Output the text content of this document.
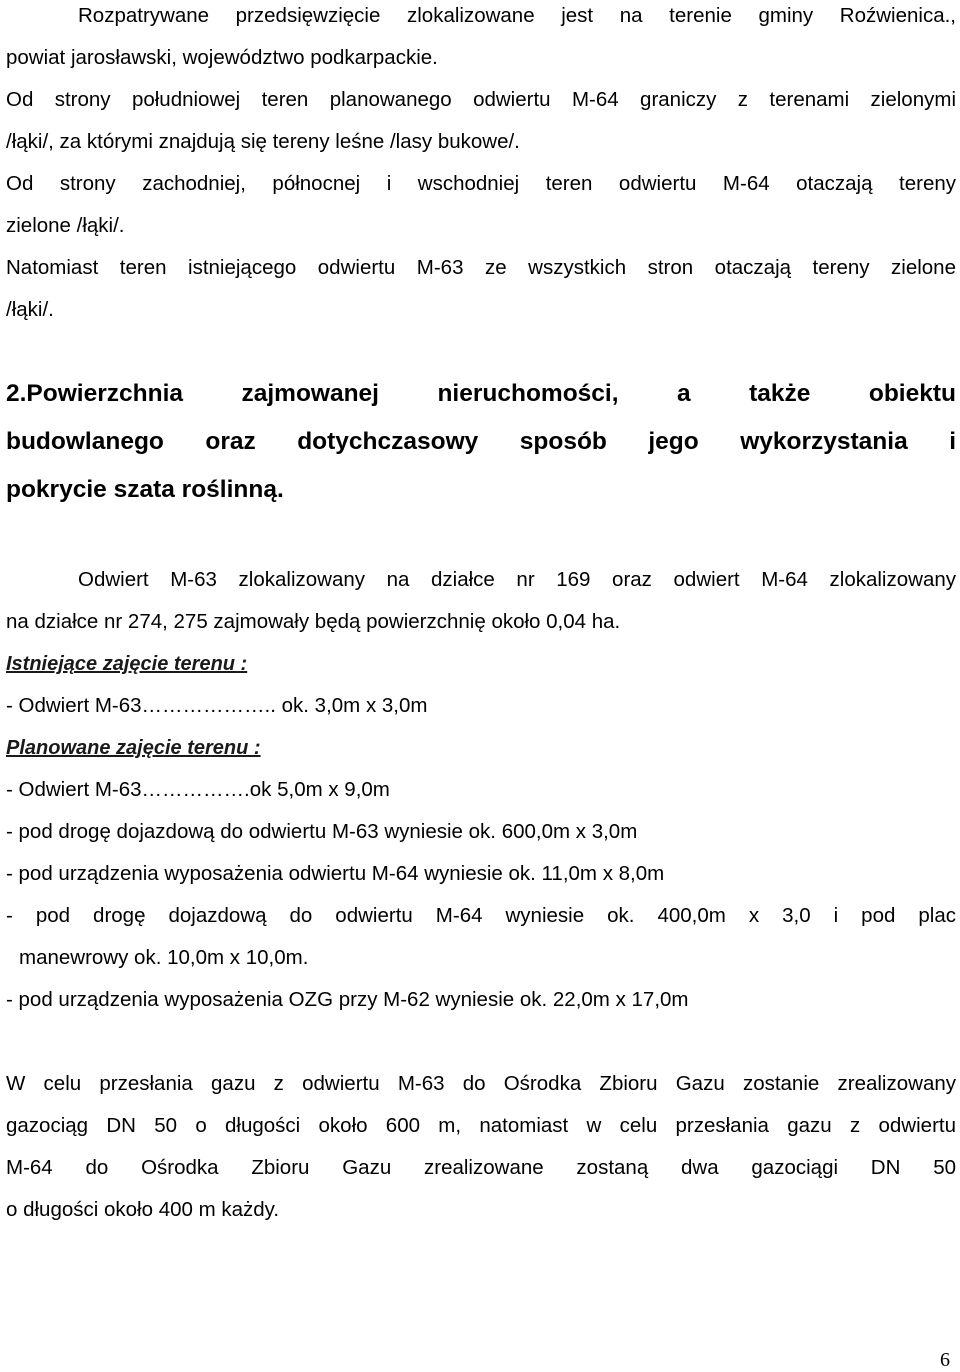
Rozpatrywane przedsięwzięcie zlokalizowane jest na terenie gminy Roźwienica.,
powiat jarosławski, województwo podkarpackie.
Od strony południowej teren planowanego odwiertu M-64 graniczy z terenami zielonymi
/łąki/, za którymi znajdują się tereny leśne /lasy bukowe/.
Od strony zachodniej, północnej i wschodniej teren odwiertu M-64 otaczają tereny
zielone /łąki/.
Natomiast teren istniejącego odwiertu M-63 ze wszystkich stron otaczają tereny zielone
/łąki/.
2.Powierzchnia zajmowanej nieruchomości, a także obiektu
budowlanego oraz dotychczasowy sposób jego wykorzystania i
pokrycie szata roślinną.
Odwiert M-63 zlokalizowany na działce nr 169 oraz odwiert M-64 zlokalizowany
na działce nr 274, 275 zajmowały będą powierzchnię około 0,04 ha.
Istniejące zajęcie terenu :
- Odwiert M-63……………….. ok. 3,0m x 3,0m
Planowane zajęcie terenu :
- Odwiert M-63…………….ok 5,0m x 9,0m
- pod drogę dojazdową do odwiertu M-63 wyniesie ok. 600,0m x 3,0m
- pod urządzenia wyposażenia odwiertu M-64 wyniesie ok. 11,0m x 8,0m
- pod drogę dojazdową do odwiertu M-64 wyniesie ok. 400,0m x 3,0 i pod plac
manewrowy ok. 10,0m x 10,0m.
- pod urządzenia wyposażenia OZG przy M-62 wyniesie ok. 22,0m x 17,0m
W celu przesłania gazu z odwiertu M-63 do Ośrodka Zbioru Gazu zostanie zrealizowany
gazociąg DN 50 o długości około 600 m, natomiast w celu przesłania gazu z odwiertu
M-64 do Ośrodka Zbioru Gazu zrealizowane zostaną dwa gazociągi DN 50
o długości około 400 m każdy.
6
